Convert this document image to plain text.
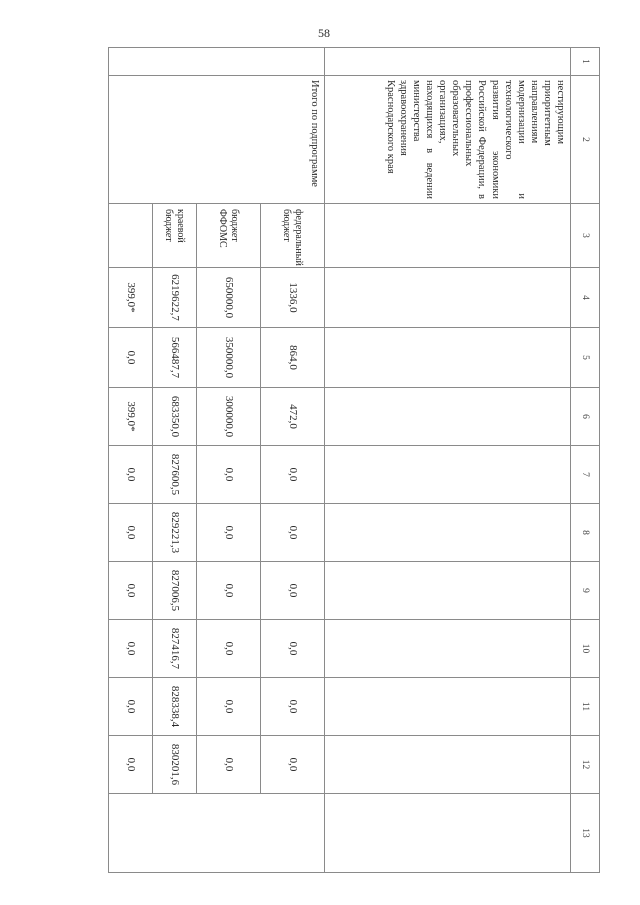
58
1	2	3	4	5	6	7	8	9	10	11	12	13
	нестирующим приоритетным направлениям модернизации и технологического развития экономики Российской Федерации, в профессиональных образовательных организациях, находящихся в ведении министерства здравоохранения Краснодарского края											
	Итого по подпрограмме	федеральный бюджет	1336,0	864,0	472,0	0,0	0,0	0,0	0,0	0,0	0,0	
		бюджет ФФОМС	650000,0	350000,0	300000,0	0,0	0,0	0,0	0,0	0,0	0,0	
		краевой бюджет	6219622,7	566487,7	683350,0	827600,5	829221,3	827006,5	827416,7	828338,4	830201,6	
			399,0*	0,0	399,0*	0,0	0,0	0,0	0,0	0,0	0,0	
